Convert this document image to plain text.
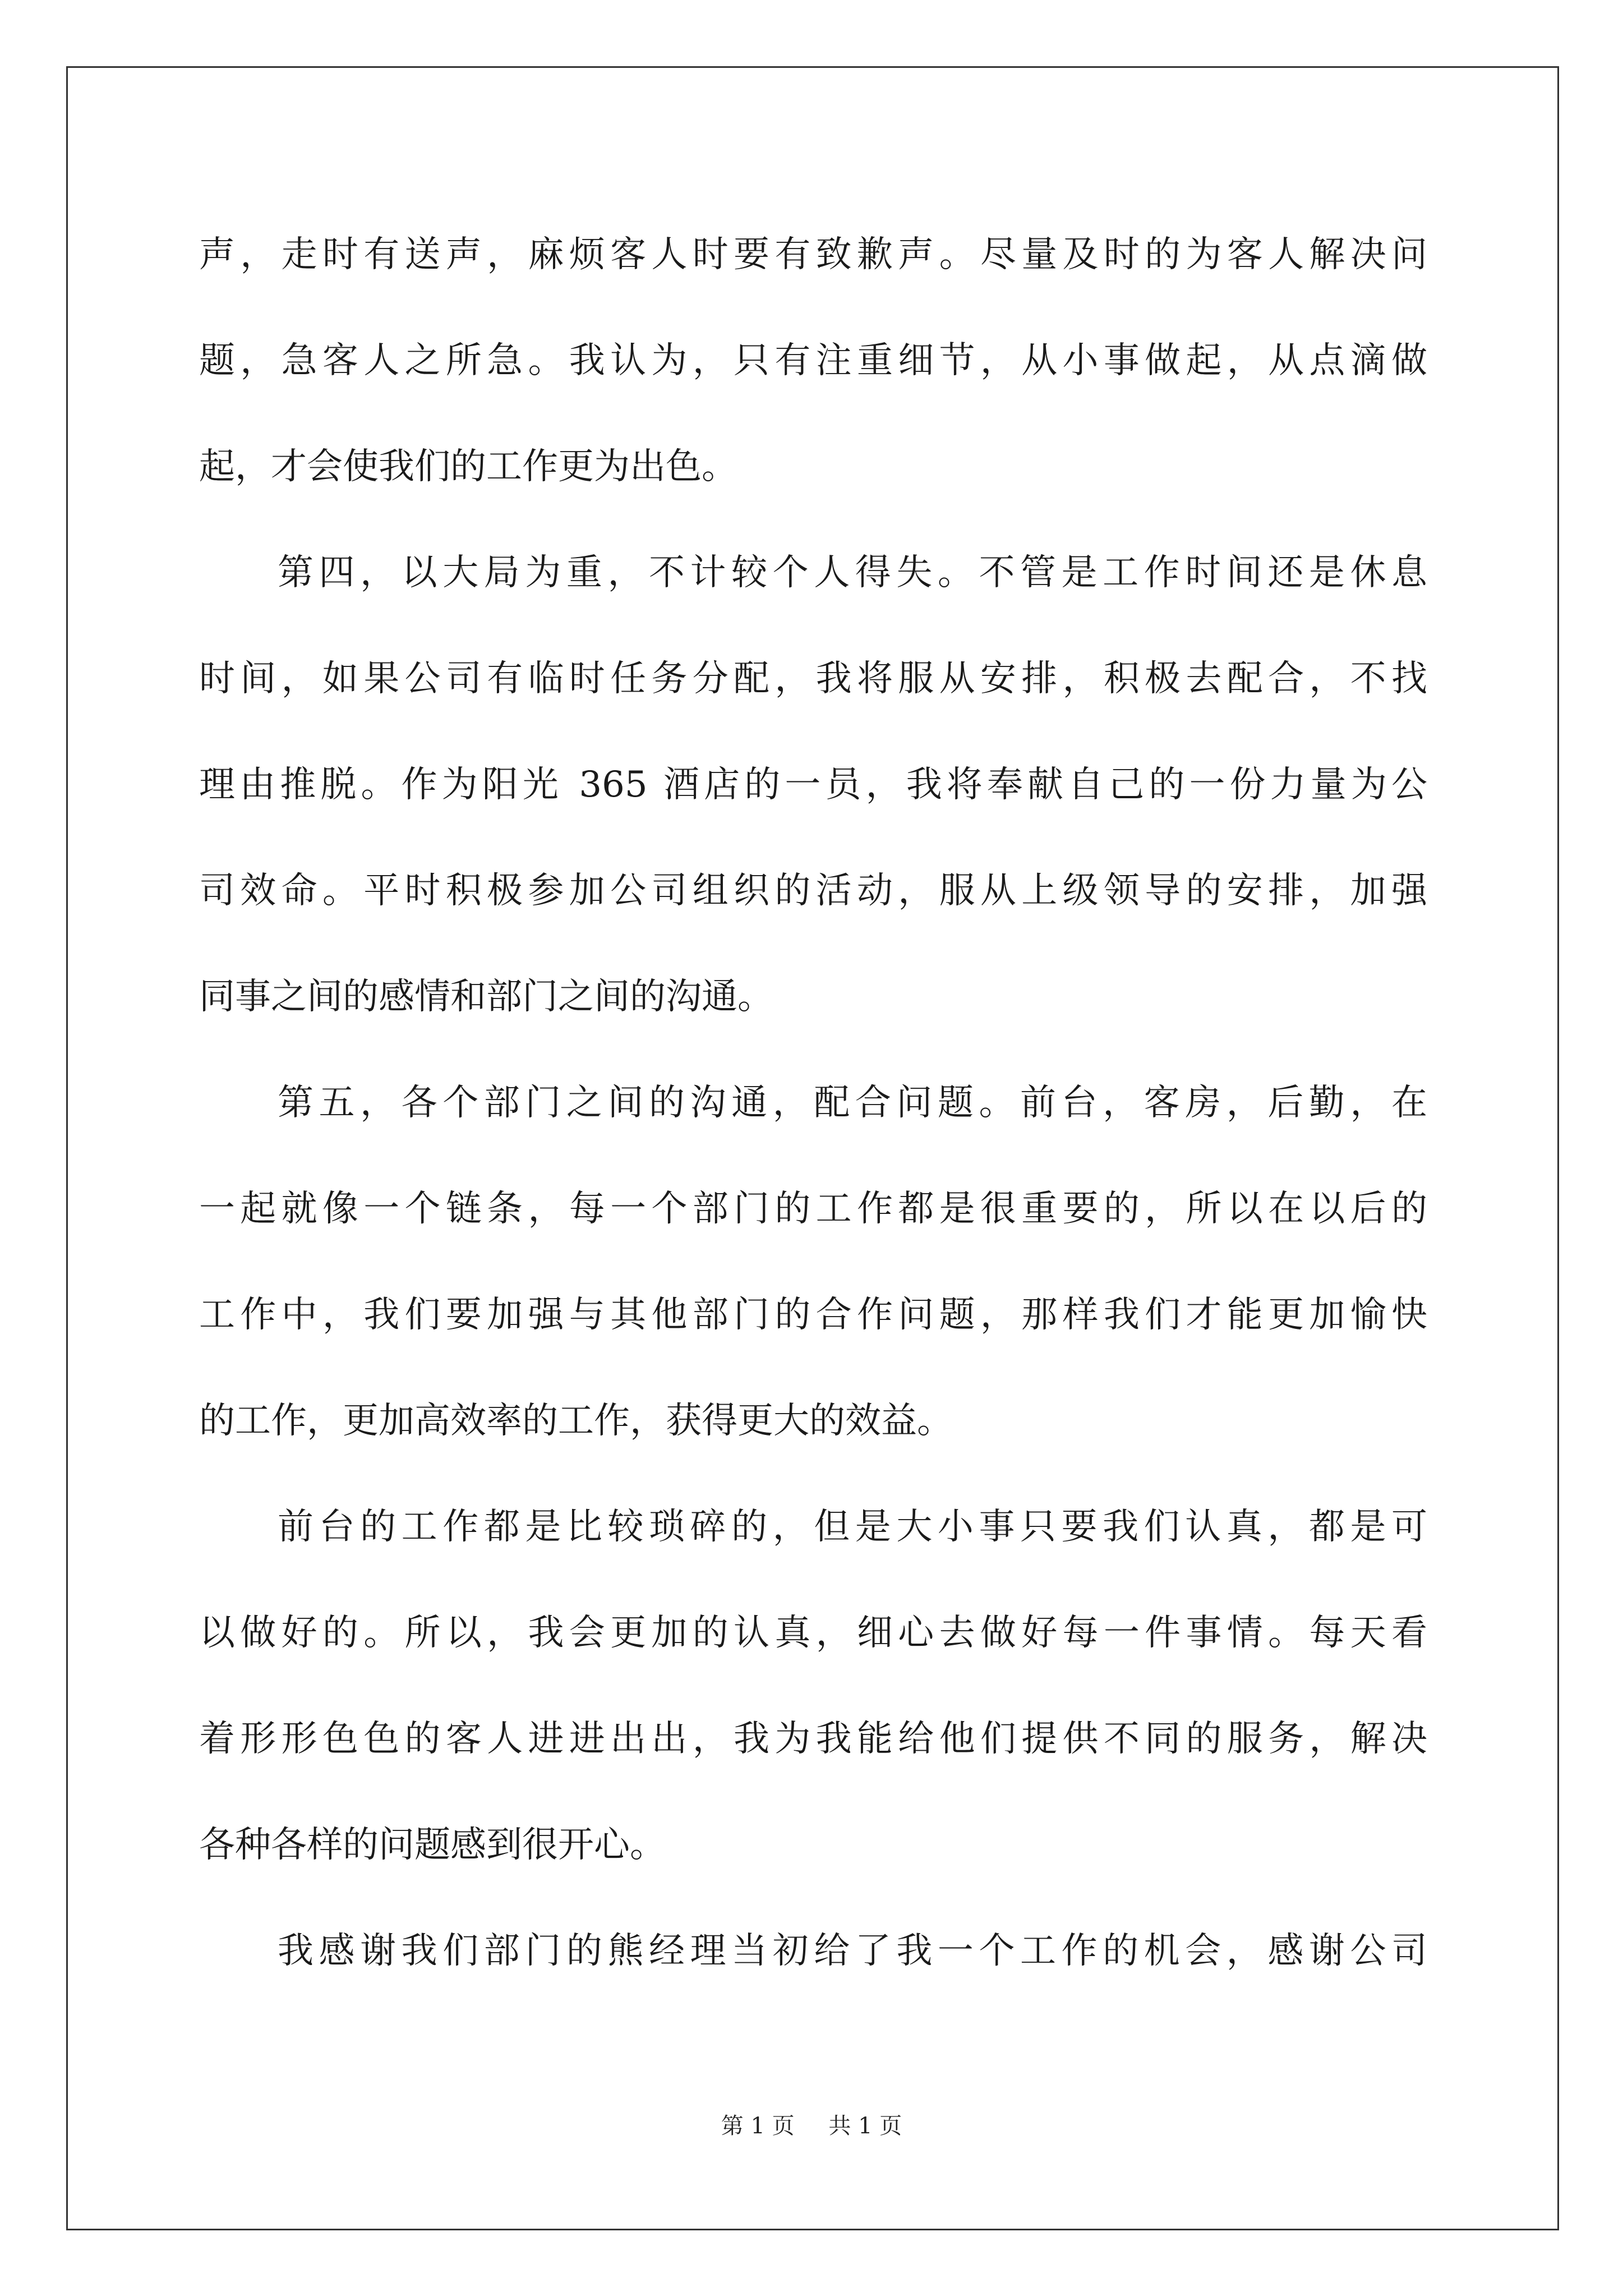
声，走时有送声，麻烦客人时要有致歉声。尽量及时的为客人解决问
题，急客人之所急。我认为，只有注重细节，从小事做起，从点滴做
起，才会使我们的工作更为出色。
第四，以大局为重，不计较个人得失。不管是工作时间还是休息
时间，如果公司有临时任务分配，我将服从安排，积极去配合，不找
理由推脱。作为阳光 365 酒店的一员，我将奉献自己的一份力量为公
司效命。平时积极参加公司组织的活动，服从上级领导的安排，加强
同事之间的感情和部门之间的沟通。
第五，各个部门之间的沟通，配合问题。前台，客房，后勤，在
一起就像一个链条，每一个部门的工作都是很重要的，所以在以后的
工作中，我们要加强与其他部门的合作问题，那样我们才能更加愉快
的工作，更加高效率的工作，获得更大的效益。
前台的工作都是比较琐碎的，但是大小事只要我们认真，都是可
以做好的。所以，我会更加的认真，细心去做好每一件事情。每天看
着形形色色的客人进进出出，我为我能给他们提供不同的服务，解决
各种各样的问题感到很开心。
我感谢我们部门的熊经理当初给了我一个工作的机会，感谢公司
第 1 页 共 1 页
